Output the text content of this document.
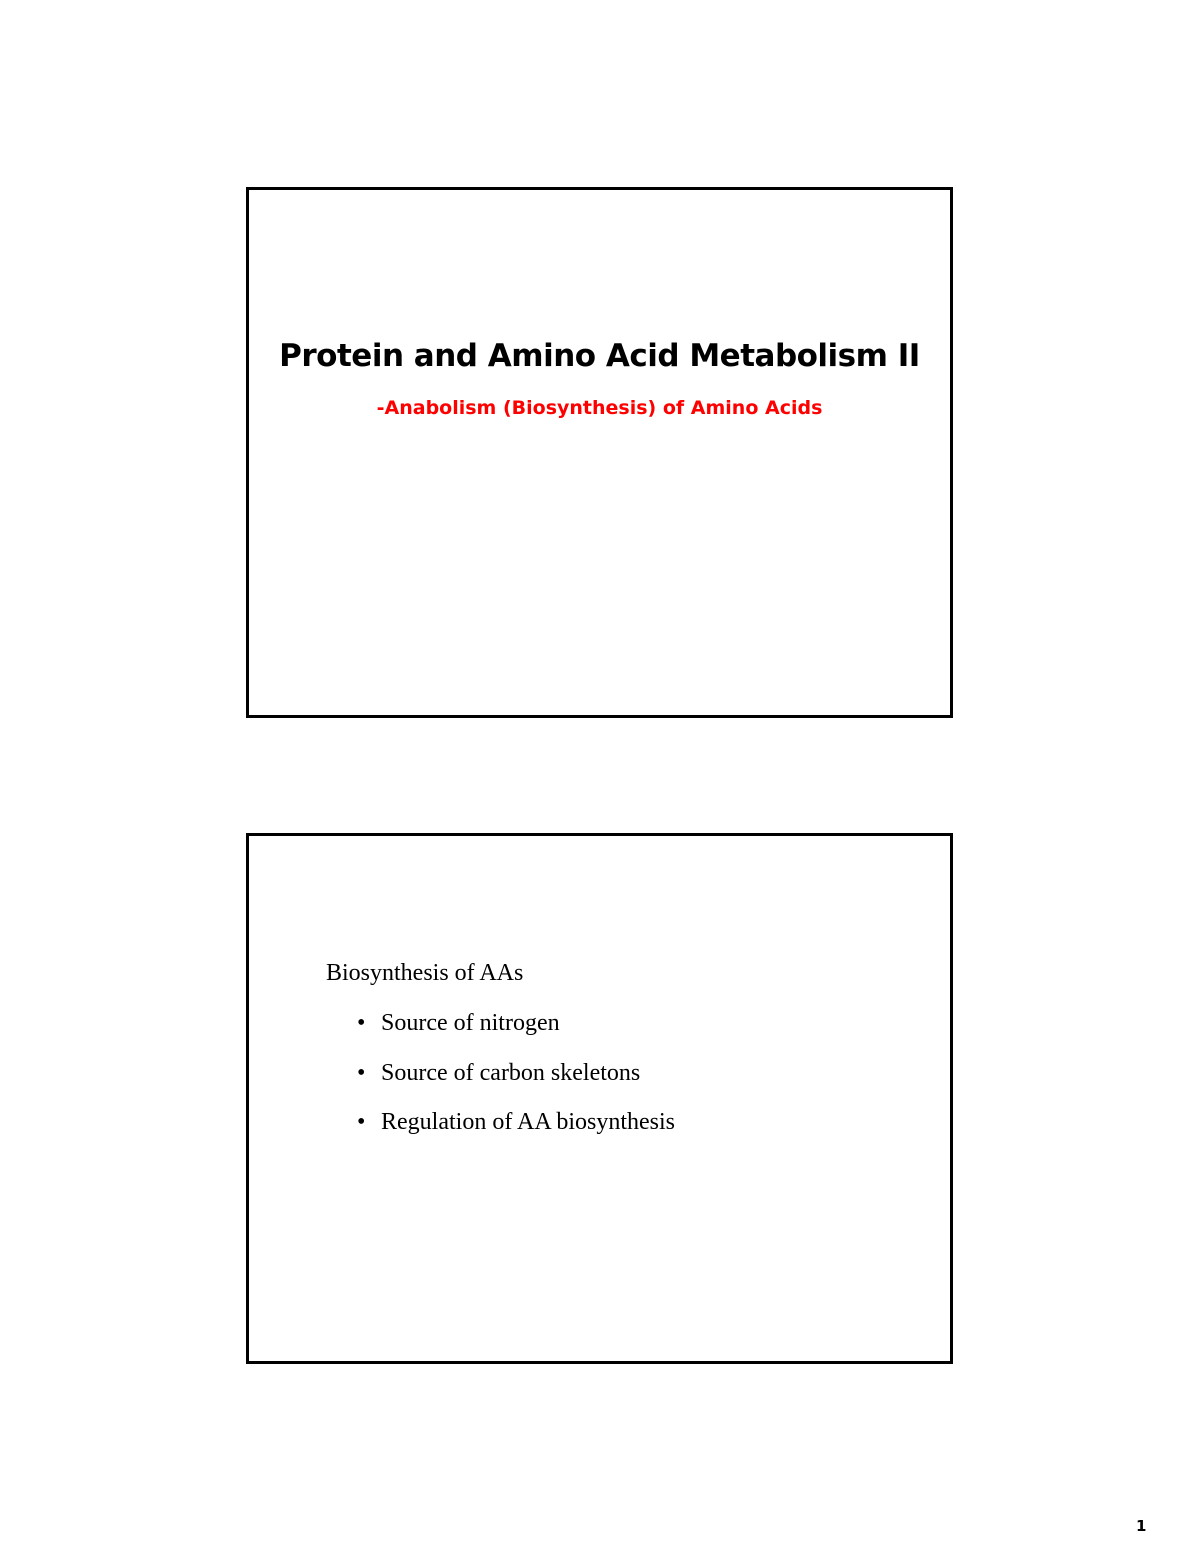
Protein and Amino Acid Metabolism II
-Anabolism (Biosynthesis) of Amino Acids
Biosynthesis of AAs
• Source of nitrogen
• Source of carbon skeletons
• Regulation of AA biosynthesis
1
